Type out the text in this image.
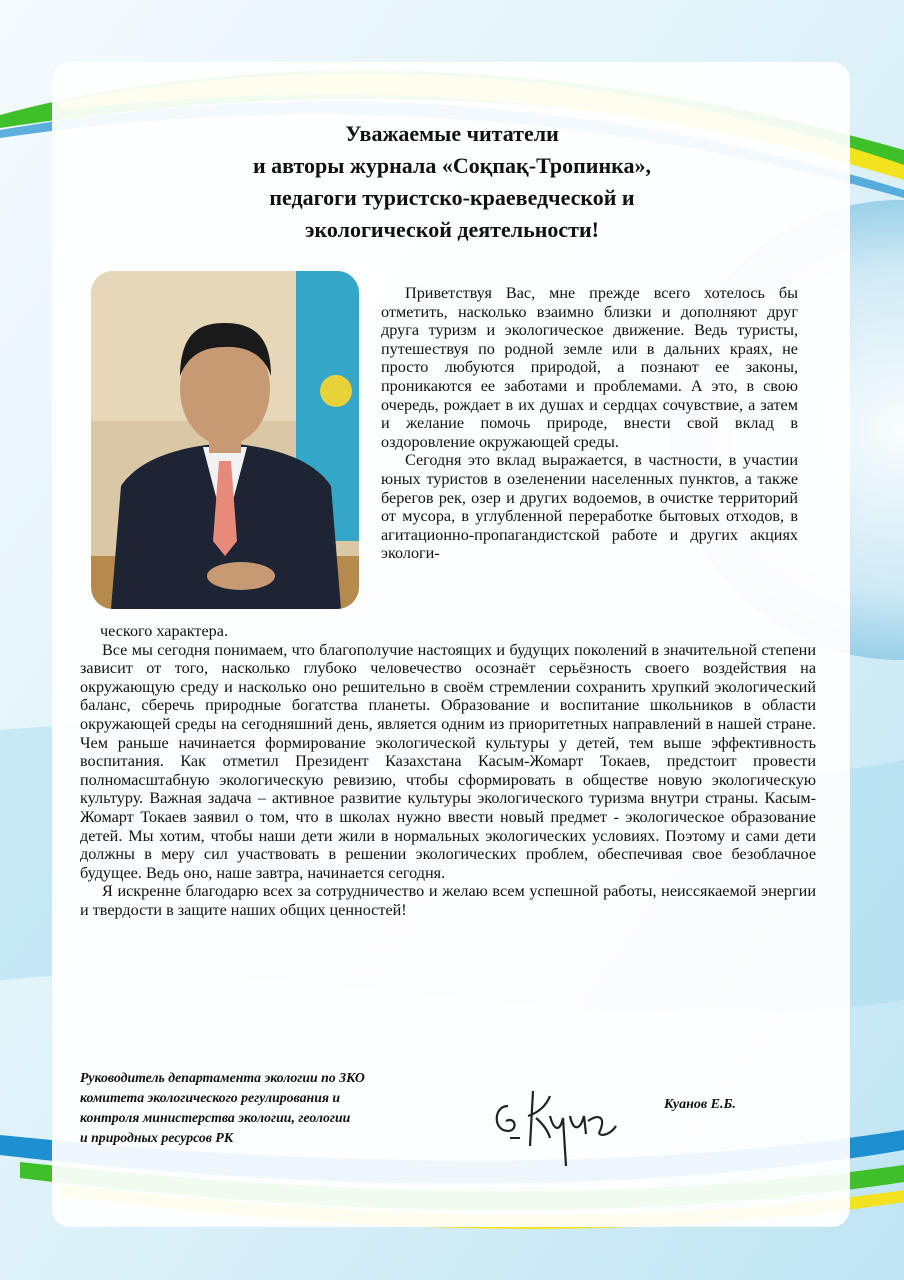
Уважаемые читатели
и авторы журнала «Соқпақ-Тропинка»,
педагоги туристско-краеведческой и
экологической деятельности!

Приветствуя Вас, мне прежде всего хотелось бы отметить, насколько взаимно близки и дополняют друг друга туризм и экологическое движение. Ведь туристы, путешествуя по родной земле или в дальних краях, не просто любуются природой, а познают ее законы, проникаются ее заботами и проблемами. А это, в свою очередь, рождает в их душах и сердцах сочувствие, а затем и желание помочь природе, внести свой вклад в оздоровление окружающей среды.

Сегодня это вклад выражается, в частности, в участии юных туристов в озеленении населенных пунктов, а также берегов рек, озер и других водоемов, в очистке территорий от мусора, в углубленной переработке бытовых отходов, в агитационно-пропагандистской работе и других акциях экологи-

ческого характера.

Все мы сегодня понимаем, что благополучие настоящих и будущих поколений в значительной степени зависит от того, насколько глубоко человечество осознаёт серьёзность своего воздействия на окружающую среду и насколько оно решительно в своём стремлении сохранить хрупкий экологический баланс, сберечь природные богатства планеты. Образование и воспитание школьников в области окружающей среды на сегодняшний день, является одним из приоритетных направлений в нашей стране. Чем раньше начинается формирование экологической культуры у детей, тем выше эффективность воспитания. Как отметил Президент Казахстана Касым-Жомарт Токаев, предстоит провести полномасштабную экологическую ревизию, чтобы сформировать в обществе новую экологическую культуру. Важная задача – активное развитие культуры экологического туризма внутри страны. Касым-Жомарт Токаев заявил о том, что в школах нужно ввести новый предмет - экологическое образование детей. Мы хотим, чтобы наши дети жили в нормальных экологических условиях. Поэтому и сами дети должны в меру сил участвовать в решении экологических проблем, обеспечивая свое безоблачное будущее. Ведь оно, наше завтра, начинается сегодня.

Я искренне благодарю всех за сотрудничество и желаю всем успешной работы, неиссякаемой энергии и твердости в защите наших общих ценностей!

Руководитель департамента экологии по ЗКО
комитета экологического регулирования и
контроля министерства экологии, геологии
и природных ресурсов РК
Куанов Е.Б.
